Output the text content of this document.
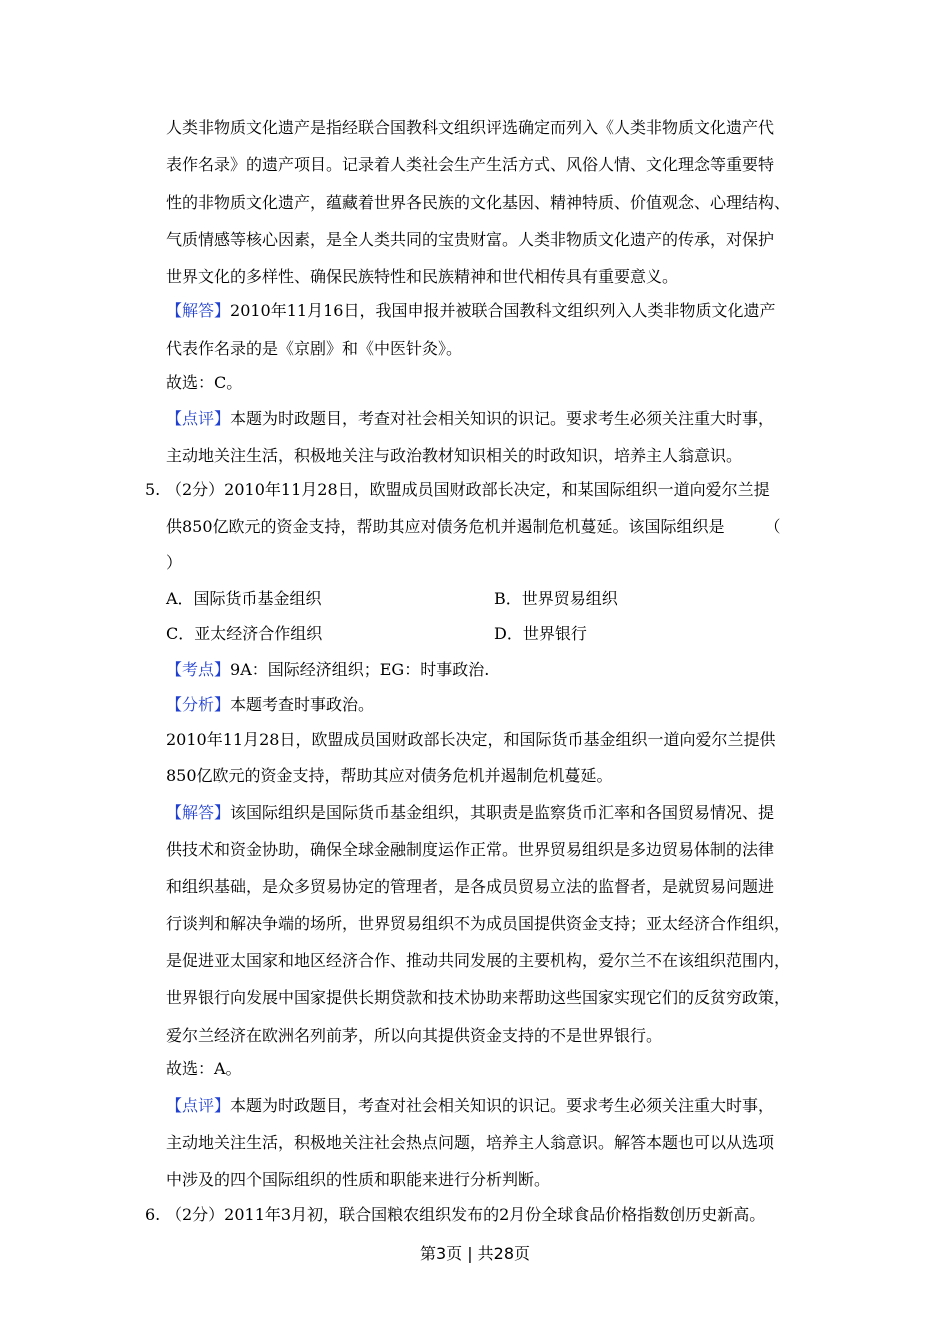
人类非物质文化遗产是指经联合国教科文组织评选确定而列入《人类非物质文化遗产代
表作名录》的遗产项目。记录着人类社会生产生活方式、风俗人情、文化理念等重要特
性的非物质文化遗产，蕴藏着世界各民族的文化基因、精神特质、价值观念、心理结构、
气质情感等核心因素，是全人类共同的宝贵财富。人类非物质文化遗产的传承，对保护
世界文化的多样性、确保民族特性和民族精神和世代相传具有重要意义。
【解答】2010年11月16日，我国申报并被联合国教科文组织列入人类非物质文化遗产
代表作名录的是《京剧》和《中医针灸》。
故选：C。
【点评】本题为时政题目，考查对社会相关知识的识记。要求考生必须关注重大时事，
主动地关注生活，积极地关注与政治教材知识相关的时政知识，培养主人翁意识。
5. （2分）2010年11月28日，欧盟成员国财政部长决定，和某国际组织一道向爱尔兰提
供850亿欧元的资金支持，帮助其应对债务危机并遏制危机蔓延。该国际组织是　　　（
）
A．国际货币基金组织	B．世界贸易组织
C．亚太经济合作组织	D．世界银行
【考点】9A：国际经济组织；EG：时事政治.
【分析】本题考查时事政治。
2010年11月28日，欧盟成员国财政部长决定，和国际货币基金组织一道向爱尔兰提供
850亿欧元的资金支持，帮助其应对债务危机并遏制危机蔓延。
【解答】该国际组织是国际货币基金组织，其职责是监察货币汇率和各国贸易情况、提
供技术和资金协助，确保全球金融制度运作正常。世界贸易组织是多边贸易体制的法律
和组织基础，是众多贸易协定的管理者，是各成员贸易立法的监督者，是就贸易问题进
行谈判和解决争端的场所，世界贸易组织不为成员国提供资金支持；亚太经济合作组织，
是促进亚太国家和地区经济合作、推动共同发展的主要机构，爱尔兰不在该组织范围内，
世界银行向发展中国家提供长期贷款和技术协助来帮助这些国家实现它们的反贫穷政策，
爱尔兰经济在欧洲名列前茅，所以向其提供资金支持的不是世界银行。
故选：A。
【点评】本题为时政题目，考查对社会相关知识的识记。要求考生必须关注重大时事，
主动地关注生活，积极地关注社会热点问题，培养主人翁意识。解答本题也可以从选项
中涉及的四个国际组织的性质和职能来进行分析判断。
6. （2分）2011年3月初，联合国粮农组织发布的2月份全球食品价格指数创历史新高。
第3页 | 共28页
